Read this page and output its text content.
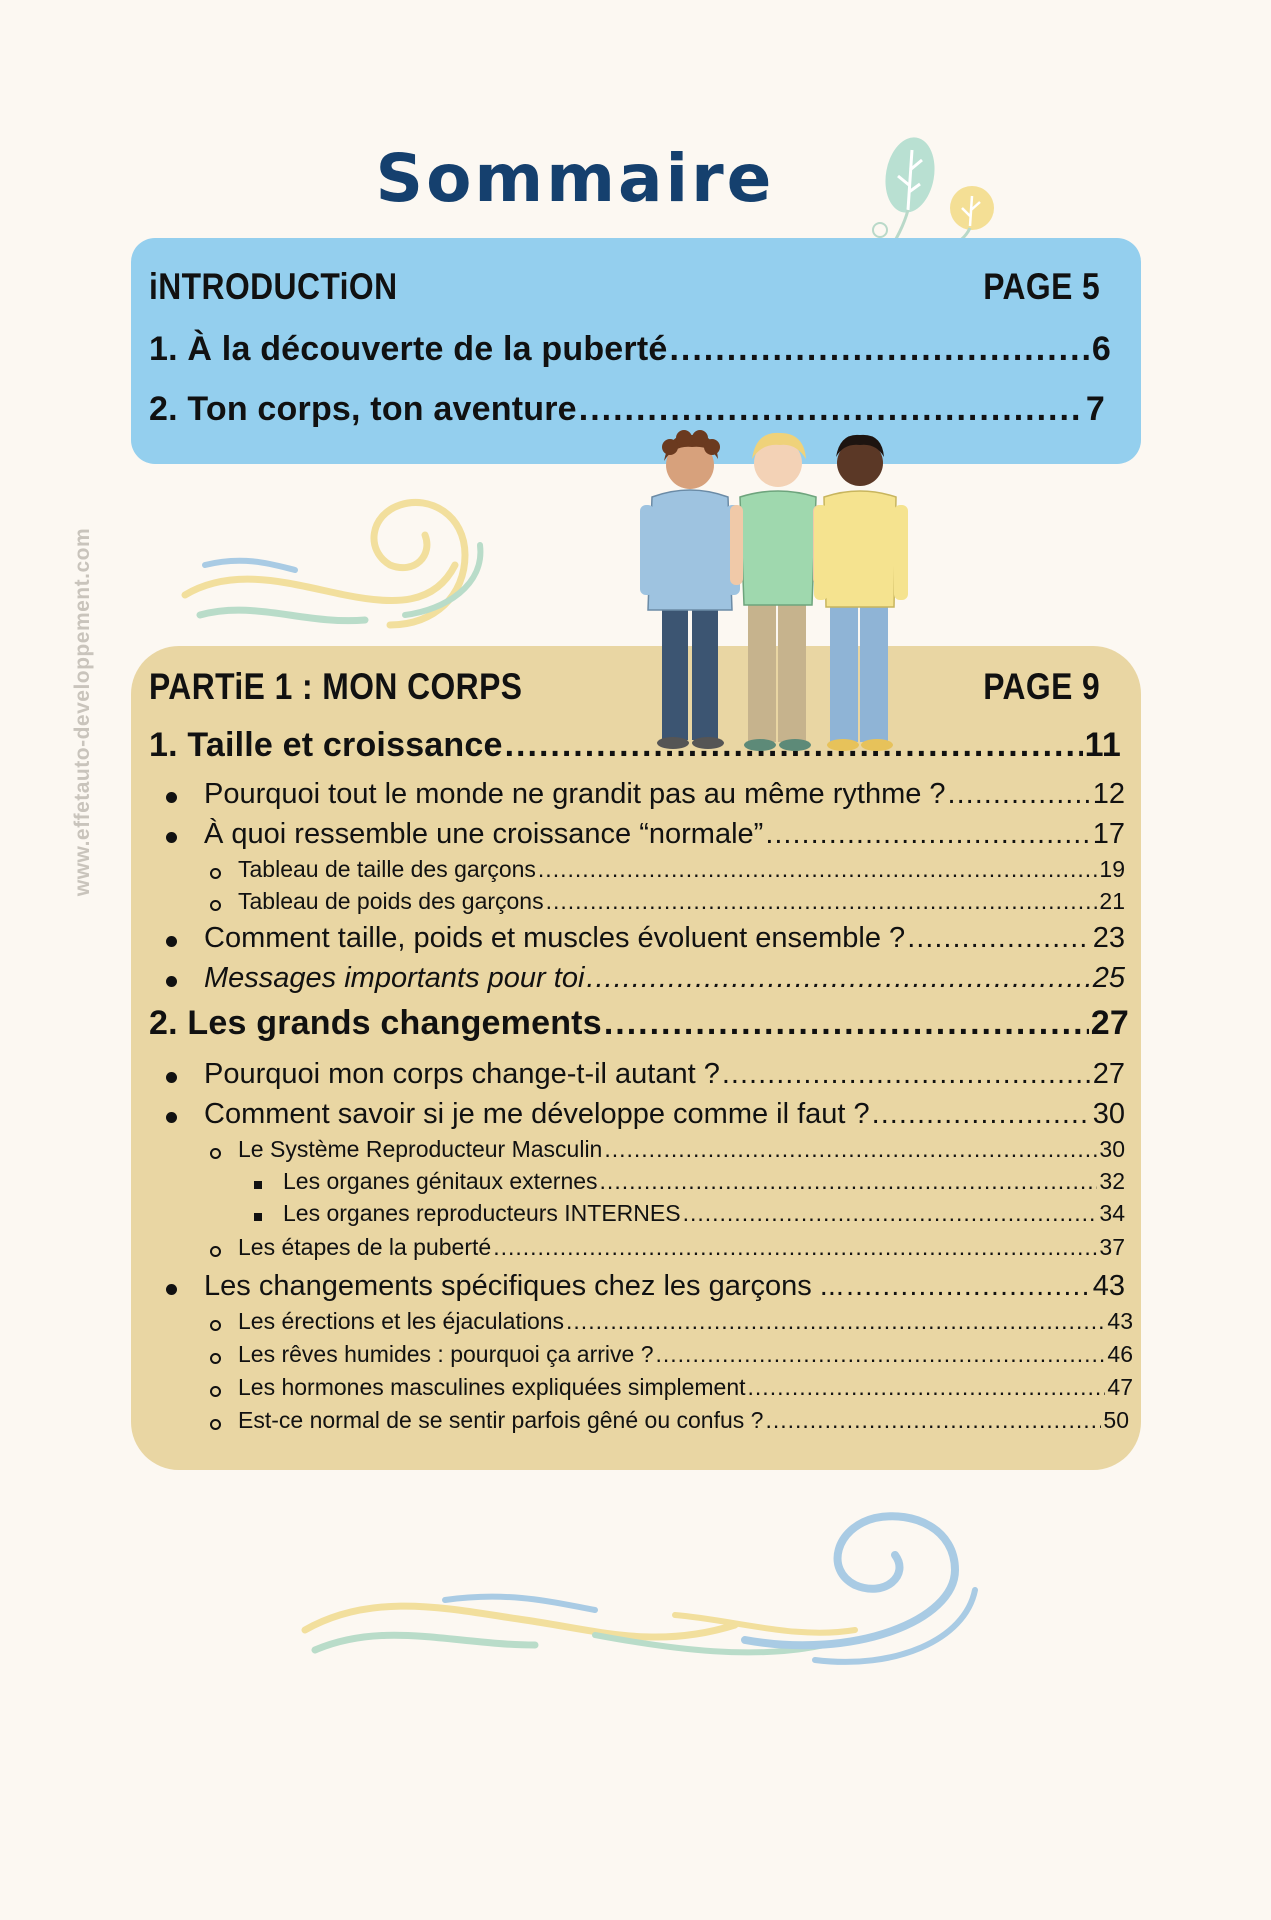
Sommaire
iNTRODUCTiON	PAGE 5
1. À la découverte de la puberté .....	6
2. Ton corps, ton aventure .....	7
www.effetauto-developpement.com PARTiE 1 : MON CORPS	PAGE 9
1. Taille et croissance .....	11
Pourquoi tout le monde ne grandit pas au même rythme ? .....	12
À quoi ressemble une croissance “normale” .....	17
Tableau de taille des garçons .....	19
Tableau de poids des garçons .....	21
Comment taille, poids et muscles évoluent ensemble ? .....	23
Messages importants pour toi .....	25
2. Les grands changements .....	27
Pourquoi mon corps change-t-il autant ? .....	27
Comment savoir si je me développe comme il faut ? .....	30
Le Système Reproducteur Masculin .....	30
Les organes génitaux externes .....	32
Les organes reproducteurs INTERNES .....	34
Les étapes de la puberté .....	37
Les changements spécifiques chez les garçons ... .....	43
Les érections et les éjaculations .....	43
Les rêves humides : pourquoi ça arrive ? .....	46
Les hormones masculines expliquées simplement .....	47
Est-ce normal de se sentir parfois gêné ou confus ? .....	50
